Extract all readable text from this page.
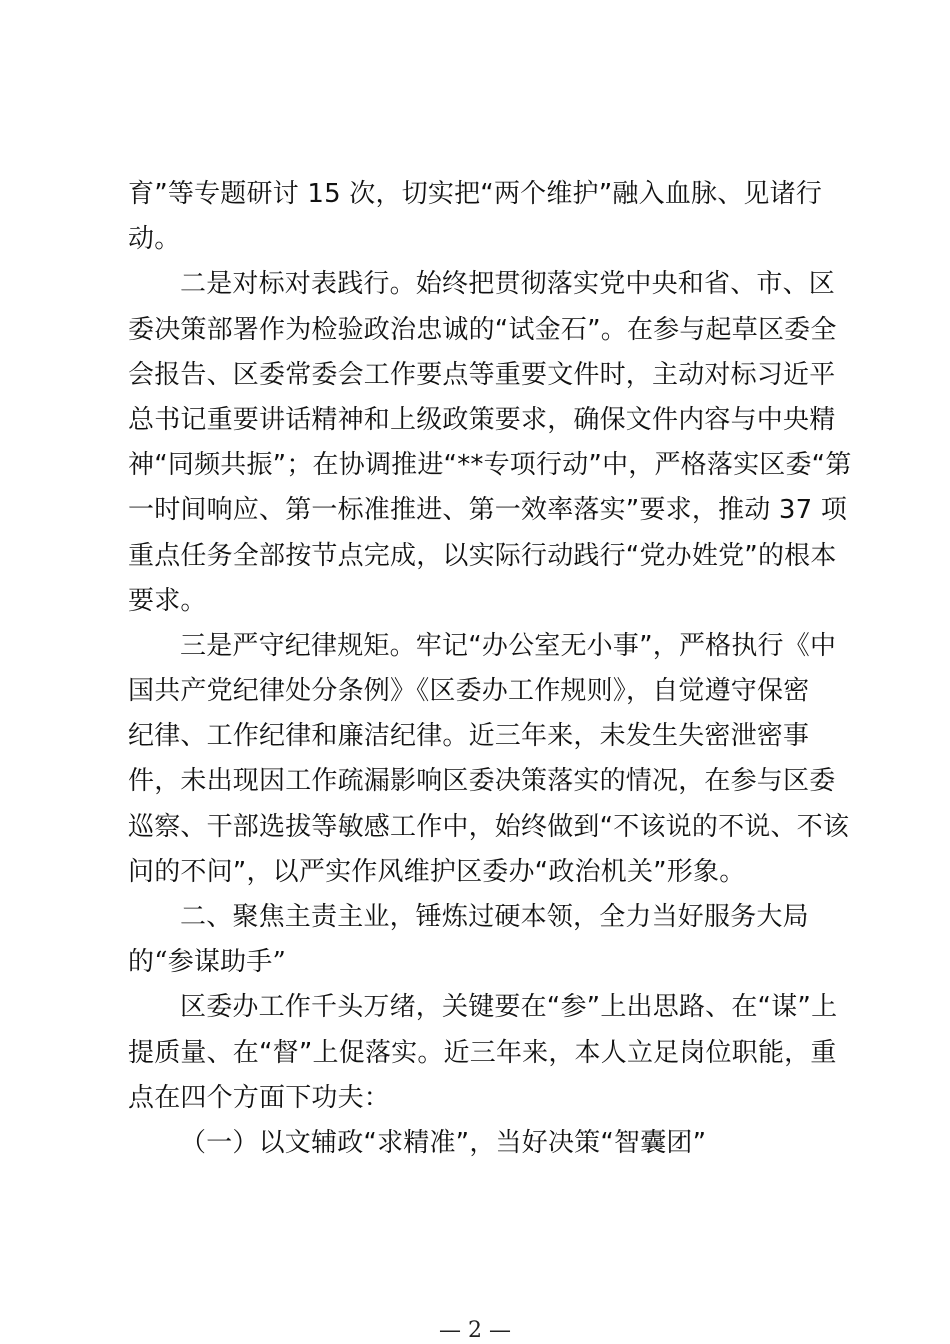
育”等专题研讨 15 次，切实把“两个维护”融入血脉、见诸行
动。
二是对标对表践行。始终把贯彻落实党中央和省、市、区
委决策部署作为检验政治忠诚的“试金石”。在参与起草区委全
会报告、区委常委会工作要点等重要文件时，主动对标习近平
总书记重要讲话精神和上级政策要求，确保文件内容与中央精
神“同频共振”；在协调推进“**专项行动”中，严格落实区委“第
一时间响应、第一标准推进、第一效率落实”要求，推动 37 项
重点任务全部按节点完成，以实际行动践行“党办姓党”的根本
要求。
三是严守纪律规矩。牢记“办公室无小事”，严格执行《中
国共产党纪律处分条例》《区委办工作规则》，自觉遵守保密
纪律、工作纪律和廉洁纪律。近三年来，未发生失密泄密事
件，未出现因工作疏漏影响区委决策落实的情况，在参与区委
巡察、干部选拔等敏感工作中，始终做到“不该说的不说、不该
问的不问”，以严实作风维护区委办“政治机关”形象。
二、聚焦主责主业，锤炼过硬本领，全力当好服务大局
的“参谋助手”
区委办工作千头万绪，关键要在“参”上出思路、在“谋”上
提质量、在“督”上促落实。近三年来，本人立足岗位职能，重
点在四个方面下功夫：
（一）以文辅政“求精准”，当好决策“智囊团”
— 2 —
